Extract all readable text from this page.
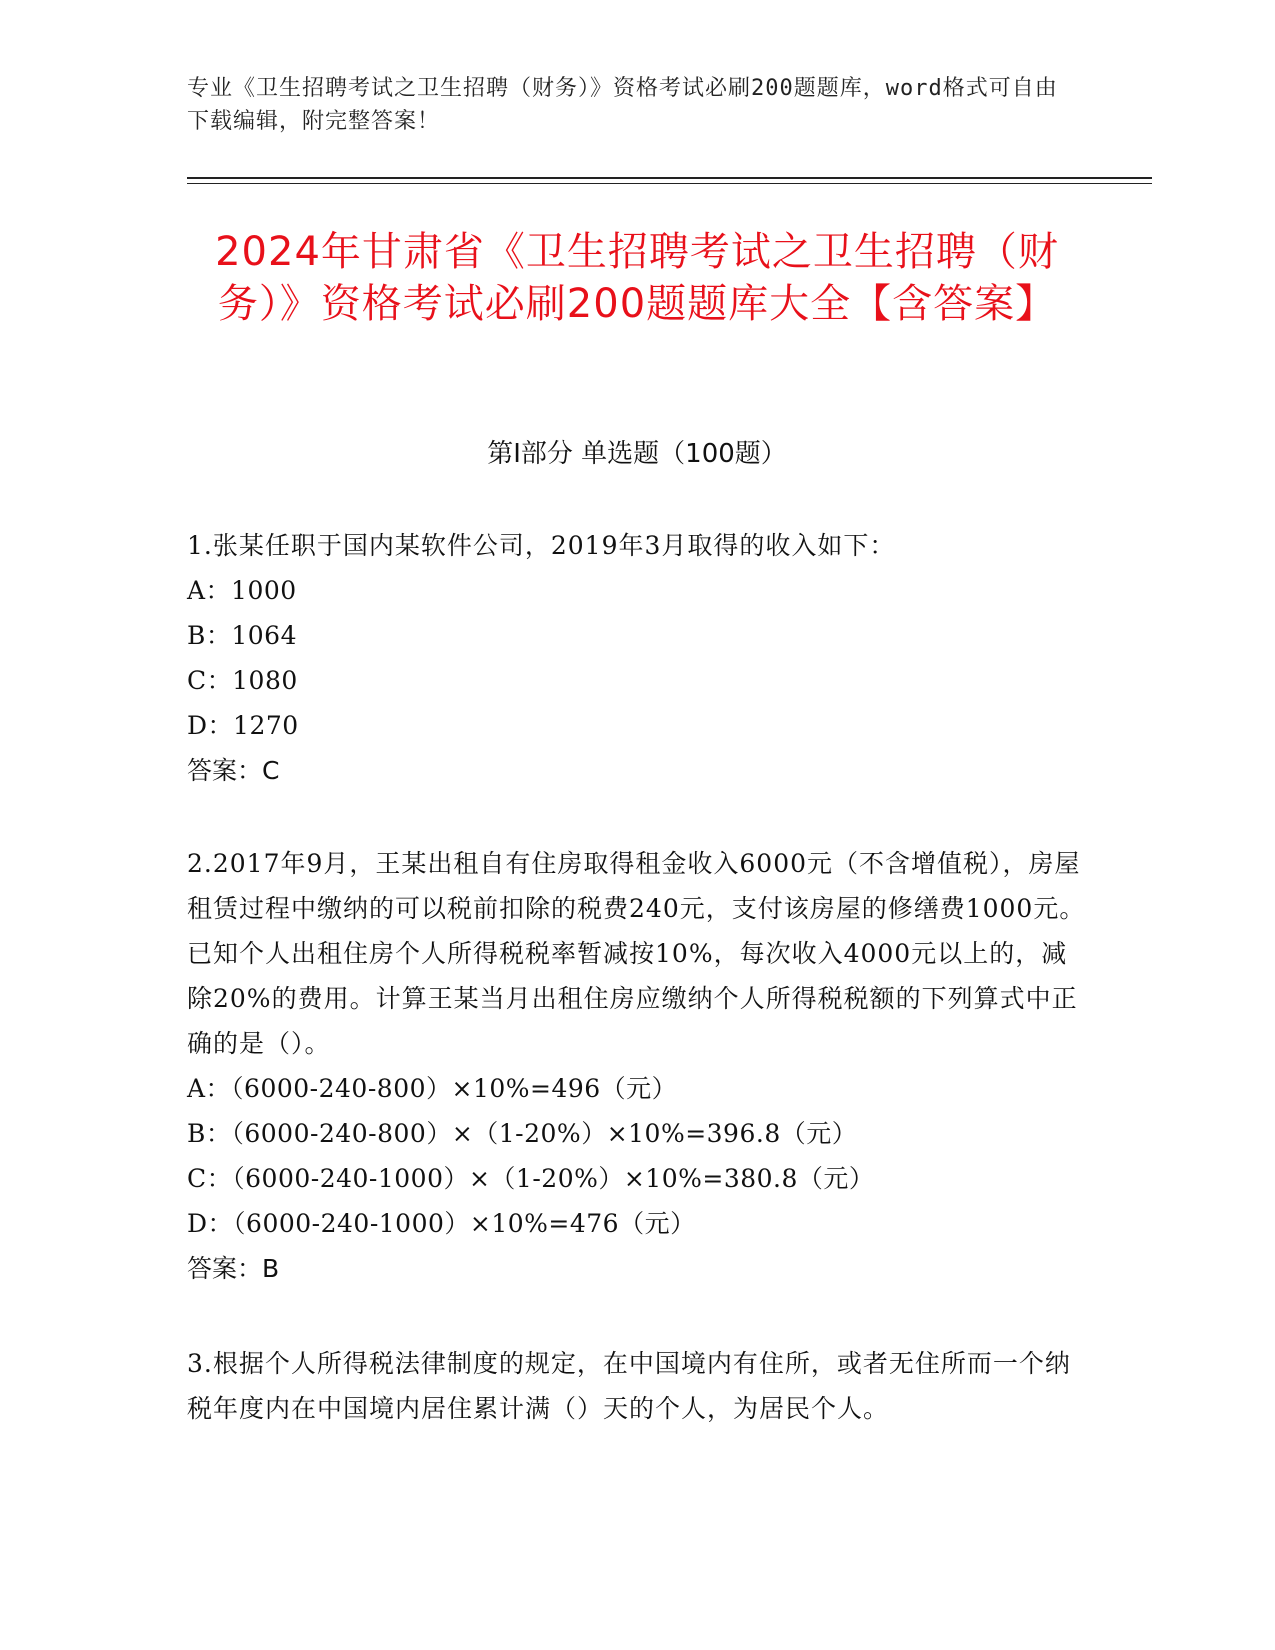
专业《卫生招聘考试之卫生招聘（财务）》资格考试必刷200题题库，word格式可自由下载编辑，附完整答案！
2024年甘肃省《卫生招聘考试之卫生招聘（财务）》资格考试必刷200题题库大全【含答案】
第Ⅰ部分 单选题（100题）

1.张某任职于国内某软件公司，2019年3月取得的收入如下：

A：1000

B：1064

C：1080

D：1270

答案：C

2.2017年9月，王某出租自有住房取得租金收入6000元（不含增值税），房屋租赁过程中缴纳的可以税前扣除的税费240元，支付该房屋的修缮费1000元。已知个人出租住房个人所得税税率暂减按10%，每次收入4000元以上的，减除20%的费用。计算王某当月出租住房应缴纳个人所得税税额的下列算式中正确的是（）。

A：（6000-240-800）×10%=496（元）

B：（6000-240-800）×（1-20%）×10%=396.8（元）

C：（6000-240-1000）×（1-20%）×10%=380.8（元）

D：（6000-240-1000）×10%=476（元）

答案：B

3.根据个人所得税法律制度的规定，在中国境内有住所，或者无住所而一个纳税年度内在中国境内居住累计满（）天的个人，为居民个人。
